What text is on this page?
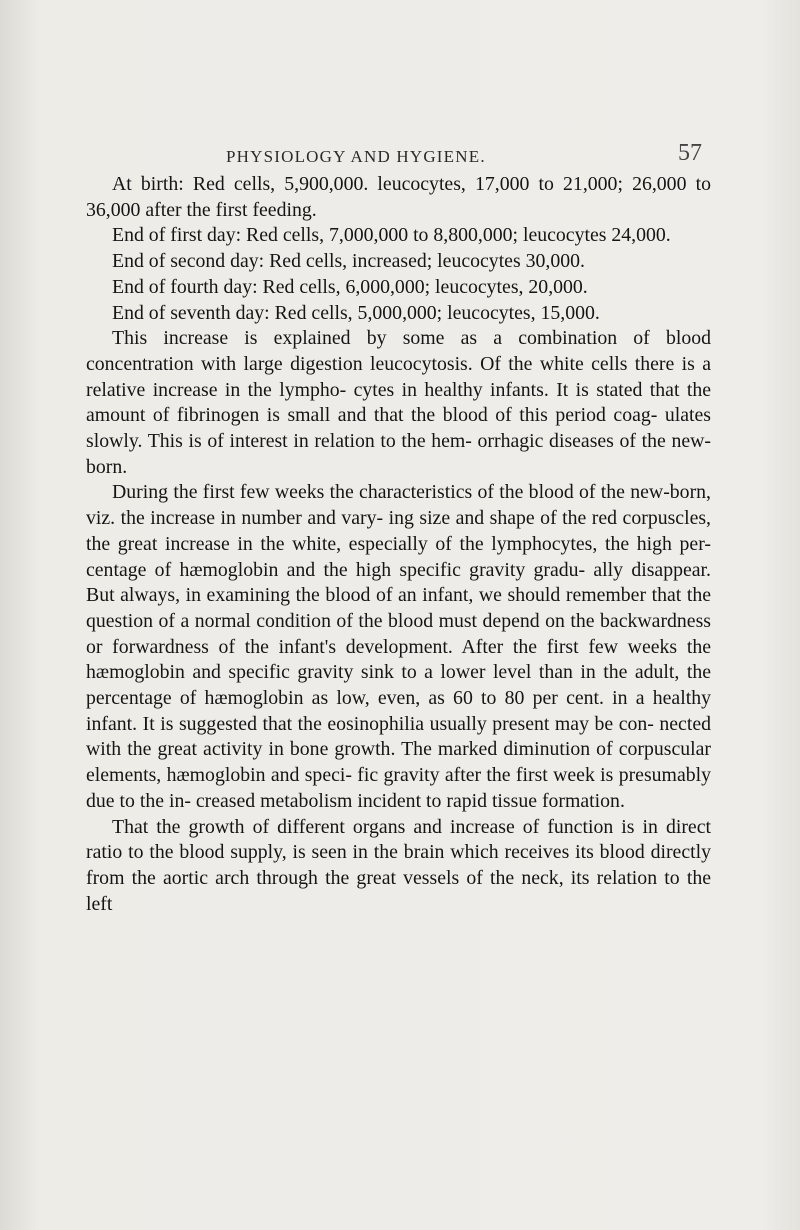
PHYSIOLOGY AND HYGIENE.	57

At birth: Red cells, 5,900,000. leucocytes, 17,000 to 21,000; 26,000 to 36,000 after the first feeding.

End of first day: Red cells, 7,000,000 to 8,800,000; leucocytes 24,000.

End of second day: Red cells, increased; leucocytes 30,000.

End of fourth day: Red cells, 6,000,000; leucocytes, 20,000.

End of seventh day: Red cells, 5,000,000; leucocytes, 15,000.

This increase is explained by some as a combination of blood concentration with large digestion leucocytosis. Of the white cells there is a relative increase in the lympho- cytes in healthy infants. It is stated that the amount of fibrinogen is small and that the blood of this period coag- ulates slowly. This is of interest in relation to the hem- orrhagic diseases of the new-born.

During the first few weeks the characteristics of the blood of the new-born, viz. the increase in number and vary- ing size and shape of the red corpuscles, the great increase in the white, especially of the lymphocytes, the high per- centage of hæmoglobin and the high specific gravity gradu- ally disappear. But always, in examining the blood of an infant, we should remember that the question of a normal condition of the blood must depend on the backwardness or forwardness of the infant's development. After the first few weeks the hæmoglobin and specific gravity sink to a lower level than in the adult, the percentage of hæmoglobin as low, even, as 60 to 80 per cent. in a healthy infant. It is suggested that the eosinophilia usually present may be con- nected with the great activity in bone growth. The marked diminution of corpuscular elements, hæmoglobin and speci- fic gravity after the first week is presumably due to the in- creased metabolism incident to rapid tissue formation.

That the growth of different organs and increase of function is in direct ratio to the blood supply, is seen in the brain which receives its blood directly from the aortic arch through the great vessels of the neck, its relation to the left
